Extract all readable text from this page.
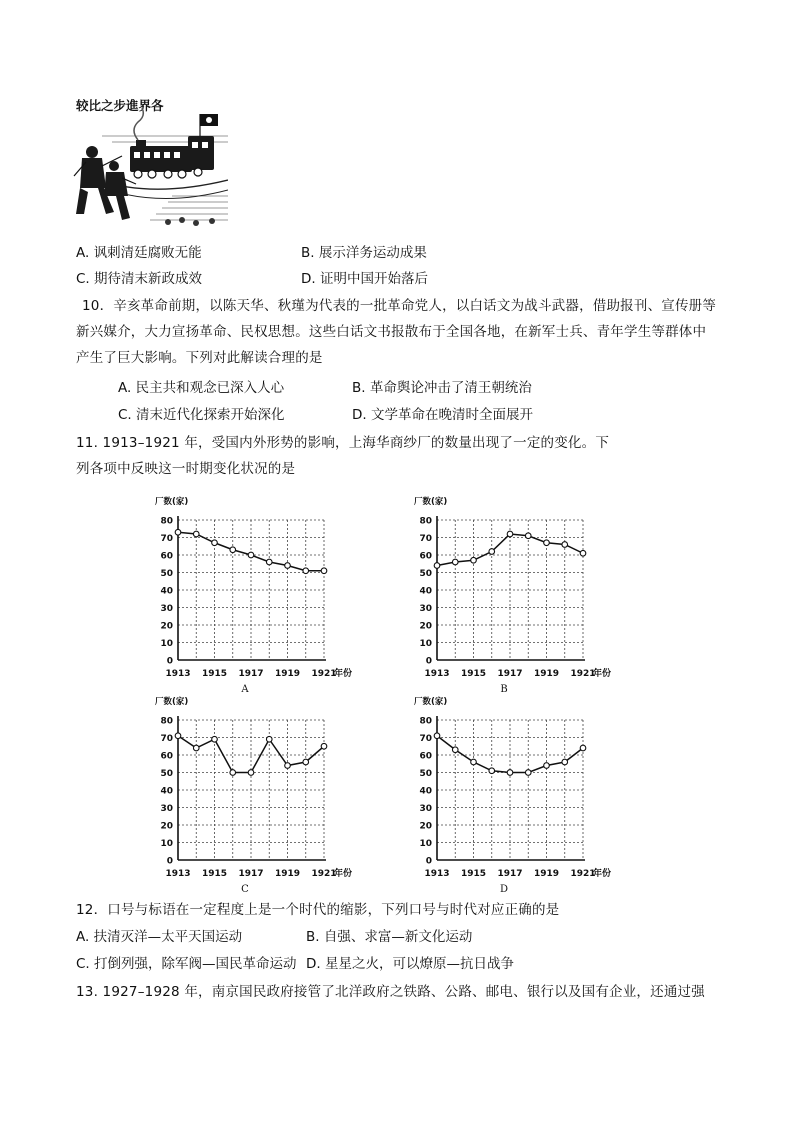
较比之步進界各
A. 讽刺清廷腐败无能	B. 展示洋务运动成果
C. 期待清末新政成效	D. 证明中国开始落后
10．辛亥革命前期，以陈天华、秋瑾为代表的一批革命党人，以白话文为战斗武器，借助报刊、宣传册等
新兴媒介，大力宣扬革命、民权思想。这些白话文书报散布于全国各地，在新军士兵、青年学生等群体中
产生了巨大影响。下列对此解读合理的是
A. 民主共和观念已深入人心	B. 革命舆论冲击了清王朝统治
C. 清末近代化探索开始深化	D. 文学革命在晚清时全面展开
11. 1913–1921 年，受国内外形势的影响，上海华商纱厂的数量出现了一定的变化。下
列各项中反映这一时期变化状况的是
厂数(家)
0
10
20
30
40
50
60
70
80
1913 1915 1917 1919 1921
年份
A
厂数(家)
0
10
20
30
40
50
60
70
80
1913 1915 1917 1919 1921
年份
B
厂数(家)
0
10
20
30
40
50
60
70
80
1913 1915 1917 1919 1921
年份
C
厂数(家)
0
10
20
30
40
50
60
70
80
1913 1915 1917 1919 1921
年份
D
12．口号与标语在一定程度上是一个时代的缩影，下列口号与时代对应正确的是
A. 扶清灭洋—太平天国运动	B. 自强、求富—新文化运动
C. 打倒列强，除军阀—国民革命运动 D. 星星之火，可以燎原—抗日战争
13. 1927–1928 年，南京国民政府接管了北洋政府之铁路、公路、邮电、银行以及国有企业，还通过强
